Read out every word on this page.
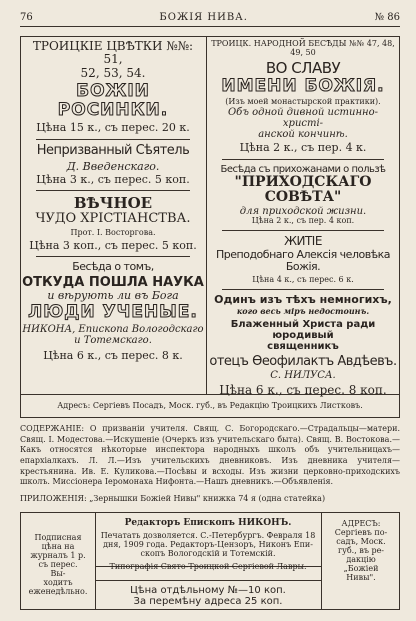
76	БОЖІЯ НИВА.	№ 86
ТРОИЦКІЕ ЦВѢТКИ №№: 51,
52, 53, 54.
БОЖІИ РОСИНКИ.
Цѣна 15 к., съ перес. 20 к.
Непризванный Сѣятель
Д. Введенскаго.
Цѣна 3 к., съ перес. 5 коп.
ВѢЧНОЕ
ЧУДО ХРІСТІАНСТВА.
Прот. І. Восторгова.
Цѣна 3 коп., съ перес. 5 коп.
Бесѣда о томъ,
ОТКУДА ПОШЛА НАУКА
и вѣрують ли въ Бога
ЛЮДИ УЧЕНЫЕ.
НИКОНА, Епископа Вологодскаго
и Тотемскаго.
Цѣна 6 к., съ перес. 8 к.
ТРОИЦК. НАРОДНОЙ БЕСѢДЫ №№ 47, 48, 49, 50
ВО СЛАВУ
ИМЕНИ БОЖІЯ.
(Изъ моей монастырской практики).
Объ одной дивной истинно-христі-
анской кончинѣ.
Цѣна 2 к., съ пер. 4 к.
Бесѣда съ прихожанами о пользѣ
"ПРИХОДСКАГО СОВѢТА"
для приходской жизни.
Цѣна 2 к., съ пер. 4 коп.
ЖИТІЕ
Преподобнаго Алексія человѣка Божія.
Цѣна 4 к., съ перес. 6 к.
Одинъ изъ тѣхъ немногихъ,
кого весь міръ недостоинъ.
Блаженный Христа ради юродивый
священникъ
отецъ Ѳеофилактъ Авдѣевъ.
С. НИЛУСА.
Цѣна 6 к., съ перес. 8 коп.
Адресъ: Сергіевъ Посадъ, Моск. губ., въ Редакцію Троицкихъ Листковъ.
СОДЕРЖАНІЕ: О призваніи учителя. Свящ. С. Богородскаго.—Страдальцы—матери. Свящ. І. Модестова.—Искушеніе (Очеркъ изъ учительскаго быта). Свящ. В. Востокова.—Какъ относятся нѣкоторые инспектора народныхъ школъ объ учительницахъ—епархіалкахъ. Л. Л.—Изъ учительскихъ дневниковъ. Изъ дневника учителя—крестьянина. Ив. Е. Куликова.—Посѣвы и всходы. Изъ жизни церковно-приходскихъ школъ. Миссіонера Іеромонаха Нифонта.—Нашъ дневникъ.—Объявленія.
ПРИЛОЖЕНІЯ: „Зернышки Божіей Нивы" книжка 74 я (одна статейка)
Подписная
цѣна на
журналъ 1 р.
съ перес.
Вы-
ходитъ
еженедѣльно.
Редакторъ Епископъ НИКОНЪ.
Печатать дозволяется. С.-Петербургъ. Февраля 18
дня, 1909 года. Редакторъ-Цензоръ, Никонъ Епи-
скопъ Вологодскій и Тотемскій.
Типографія Свято-Троицкой Сергіевой Лавры.
Цѣна отдѣльному №—10 коп.
За перемѣну адреса 25 коп.
АДРЕСЪ:
Сергіевъ по-
садъ, Моск.
губ., въ ре-
дакцію „Божіей
Нивы".
